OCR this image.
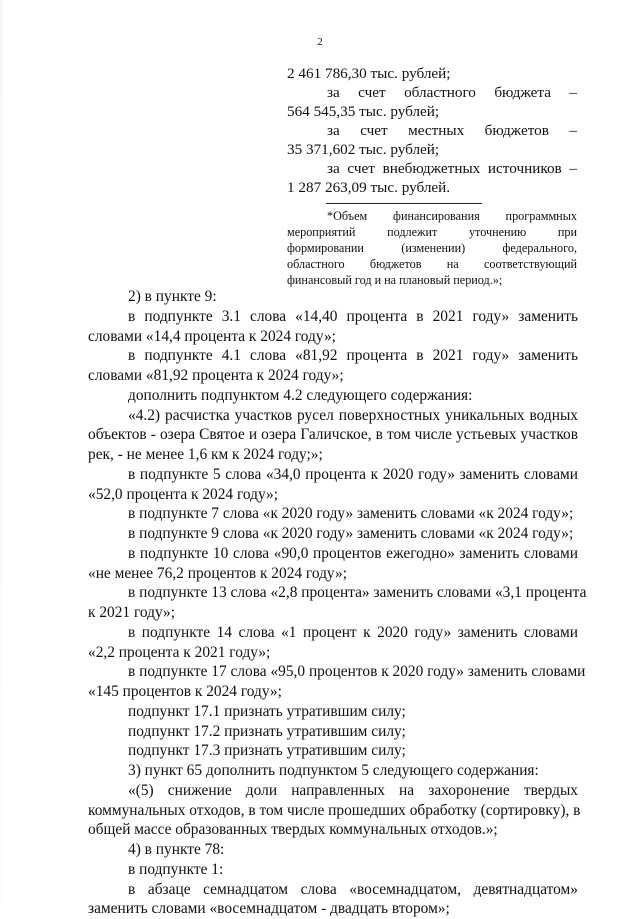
2
2 461 786,30 тыс. рублей;
за счет областного бюджета –
564 545,35 тыс. рублей;
за счет местных бюджетов –
35 371,602 тыс. рублей;
за счет внебюджетных источников –
1 287 263,09 тыс. рублей.
*Объем финансирования программных
мероприятий подлежит уточнению при
формировании (изменении) федерального,
областного бюджетов на соответствующий
финансовый год и на плановый период.»;
2) в пункте 9:
в подпункте 3.1 слова «14,40 процента в 2021 году» заменить
словами «14,4 процента к 2024 году»;
в подпункте 4.1 слова «81,92 процента в 2021 году» заменить
словами «81,92 процента к 2024 году»;
дополнить подпунктом 4.2 следующего содержания:
«4.2) расчистка участков русел поверхностных уникальных водных
объектов - озера Святое и озера Галичское, в том числе устьевых участков
рек, - не менее 1,6 км к 2024 году;»;
в подпункте 5 слова «34,0 процента к 2020 году» заменить словами
«52,0 процента к 2024 году»;
в подпункте 7 слова «к 2020 году» заменить словами «к 2024 году»;
в подпункте 9 слова «к 2020 году» заменить словами «к 2024 году»;
в подпункте 10 слова «90,0 процентов ежегодно» заменить словами
«не менее 76,2 процентов к 2024 году»;
в подпункте 13 слова «2,8 процента» заменить словами «3,1 процента
к 2021 году»;
в подпункте 14 слова «1 процент к 2020 году» заменить словами
«2,2 процента к 2021 году»;
в подпункте 17 слова «95,0 процентов к 2020 году» заменить словами
«145 процентов к 2024 году»;
подпункт 17.1 признать утратившим силу;
подпункт 17.2 признать утратившим силу;
подпункт 17.3 признать утратившим силу;
3) пункт 65 дополнить подпунктом 5 следующего содержания:
«(5) снижение доли направленных на захоронение твердых
коммунальных отходов, в том числе прошедших обработку (сортировку), в
общей массе образованных твердых коммунальных отходов.»;
4) в пункте 78:
в подпункте 1:
в абзаце семнадцатом слова «восемнадцатом, девятнадцатом»
заменить словами «восемнадцатом - двадцать втором»;
